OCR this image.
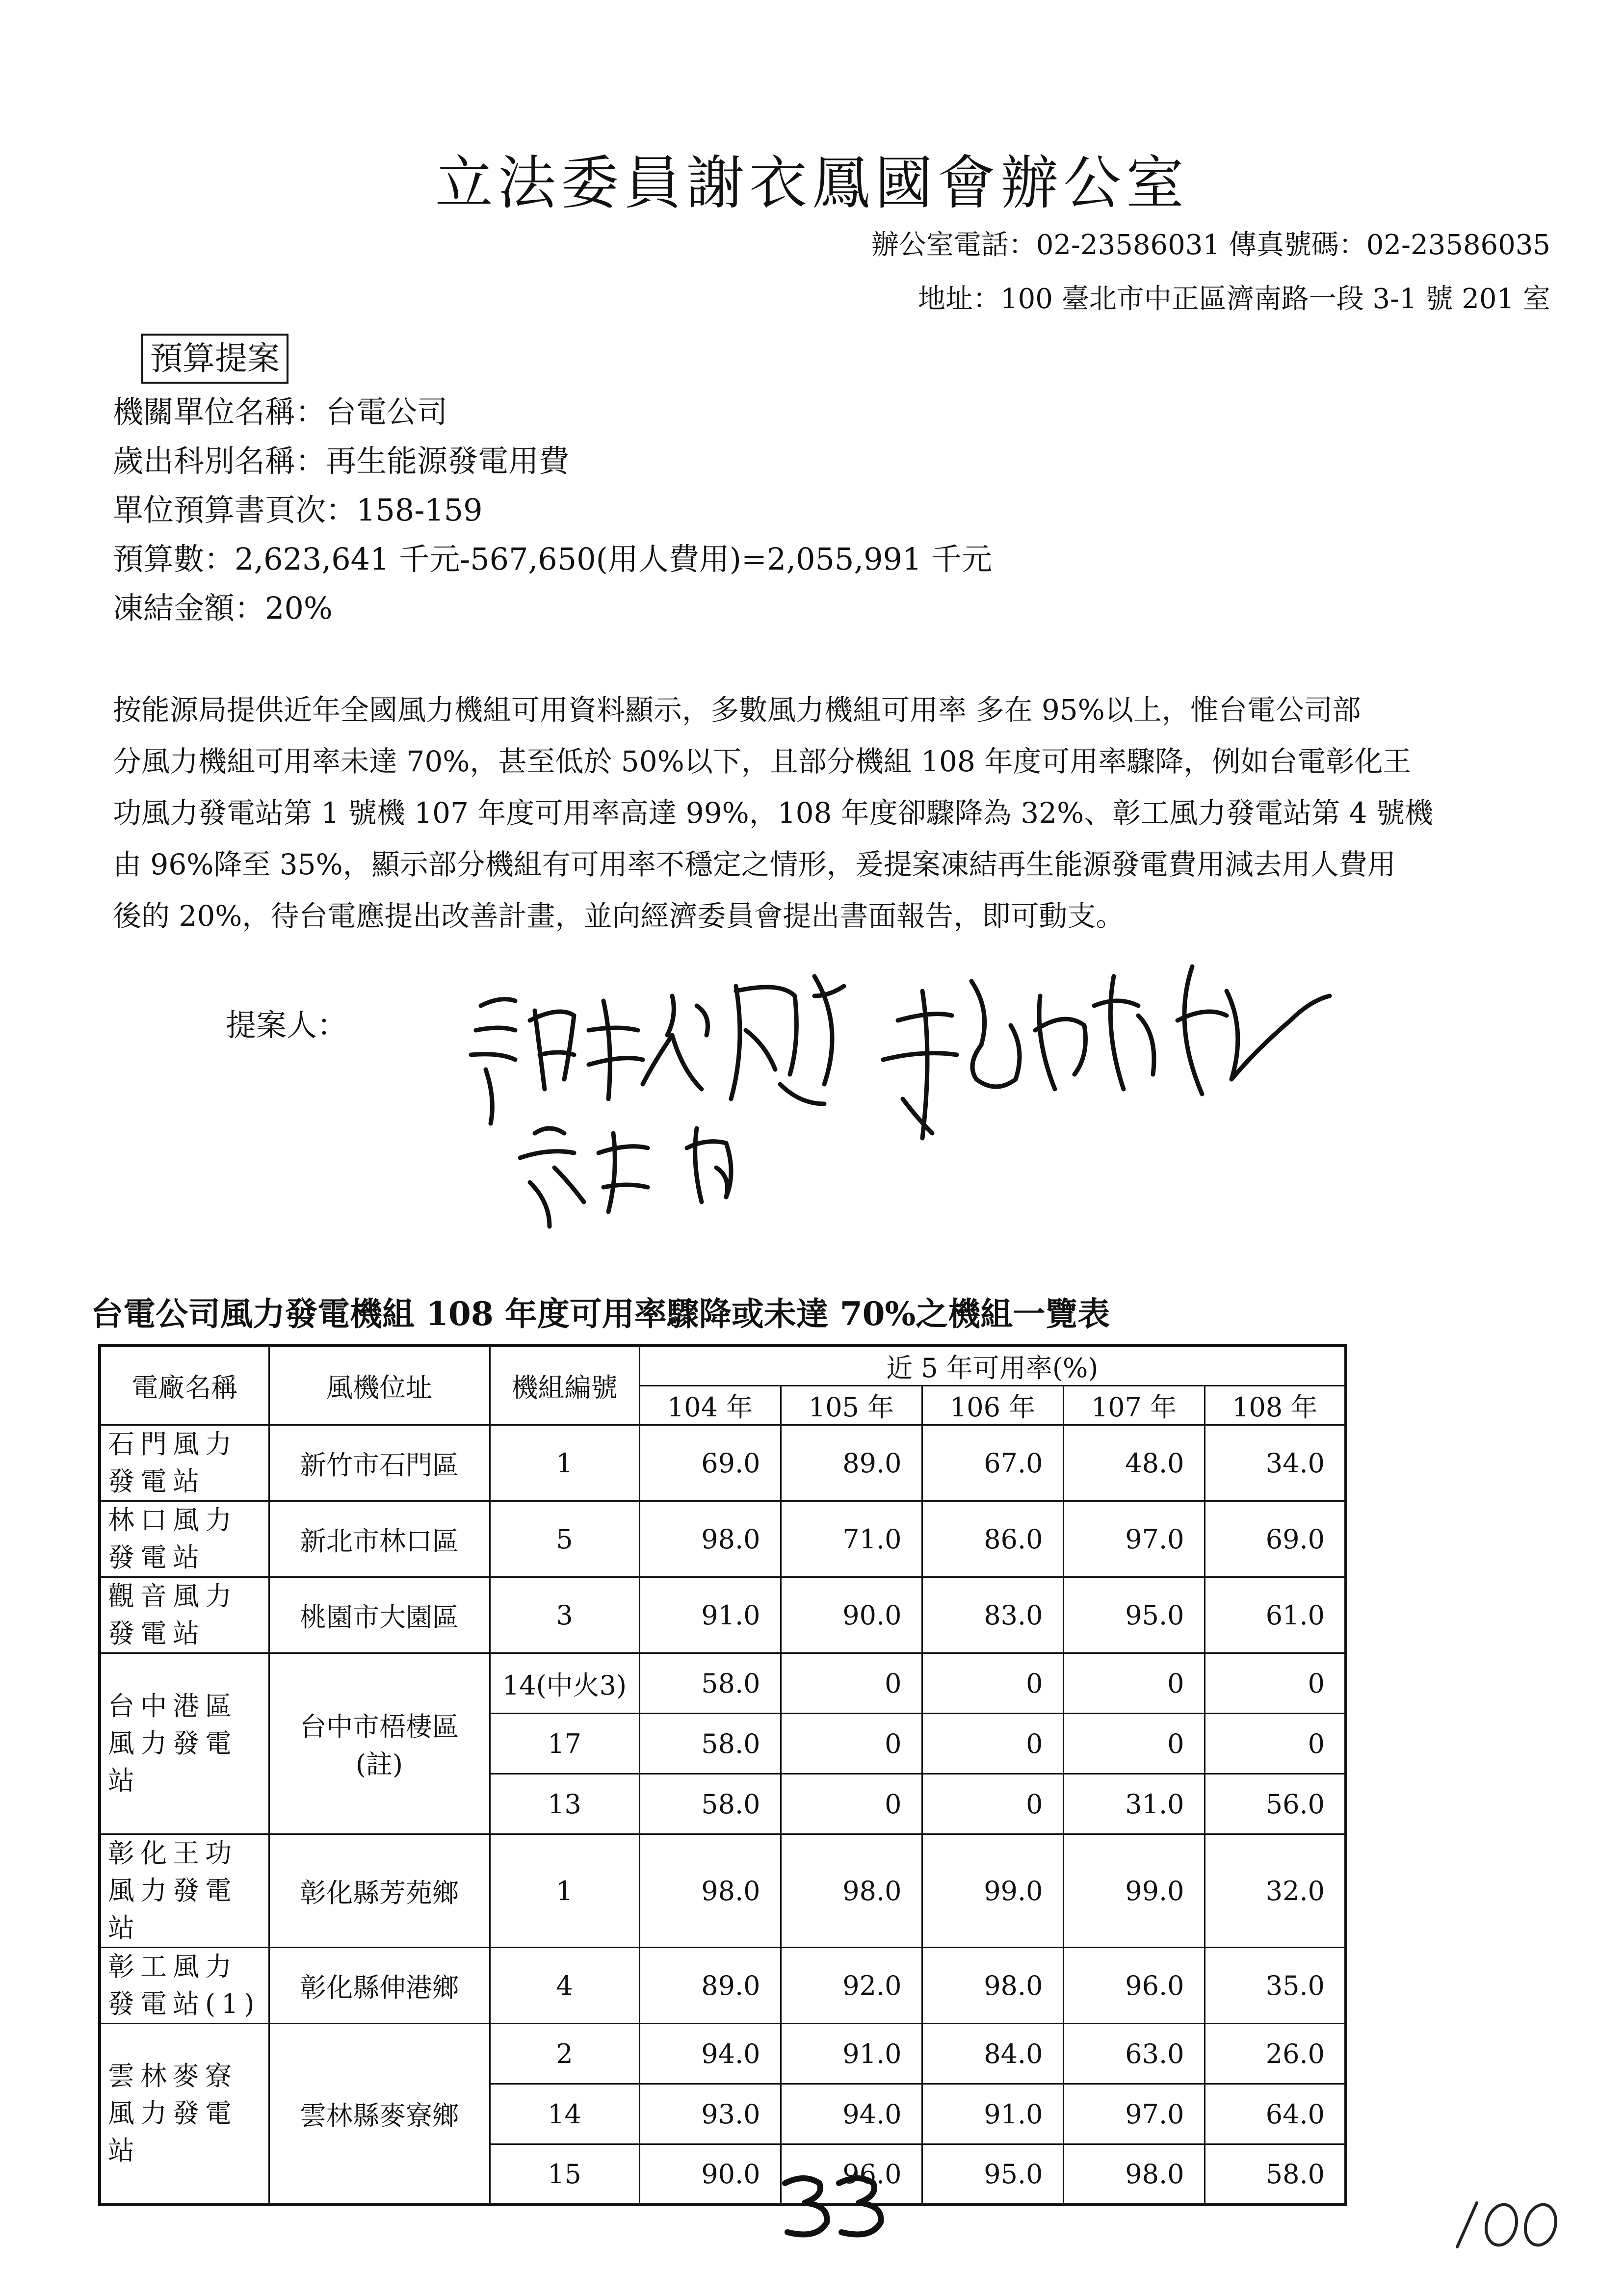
立法委員謝衣鳳國會辦公室
辦公室電話：02-23586031 傳真號碼：02-23586035
地址：100 臺北市中正區濟南路一段 3-1 號 201 室
預算提案
機關單位名稱：台電公司
歲出科別名稱：再生能源發電用費
單位預算書頁次：158-159
預算數：2,623,641 千元-567,650(用人費用)=2,055,991 千元
凍結金額：20%
按能源局提供近年全國風力機組可用資料顯示，多數風力機組可用率 多在 95%以上，惟台電公司部
分風力機組可用率未達 70%，甚至低於 50%以下，且部分機組 108 年度可用率驟降，例如台電彰化王
功風力發電站第 1 號機 107 年度可用率高達 99%，108 年度卻驟降為 32%、彰工風力發電站第 4 號機
由 96%降至 35%，顯示部分機組有可用率不穩定之情形，爰提案凍結再生能源發電費用減去用人費用
後的 20%，待台電應提出改善計畫，並向經濟委員會提出書面報告，即可動支。
提案人：
謝衣鳳 楊瓊瓔 翁重鈞
台電公司風力發電機組 108 年度可用率驟降或未達 70%之機組一覽表
電廠名稱	風機位址	機組編號	近 5 年可用率(%)				
			104 年	105 年	106 年	107 年	108 年
石門風力發電站	新竹市石門區	1	69.0	89.0	67.0	48.0	34.0
林口風力發電站	新北市林口區	5	98.0	71.0	86.0	97.0	69.0
觀音風力發電站	桃園市大園區	3	91.0	90.0	83.0	95.0	61.0
台中港區風力發電站	台中市梧棲區(註)	14(中火3)	58.0	0	0	0	0
		17	58.0	0	0	0	0
		13	58.0	0	0	31.0	56.0
彰化王功風力發電站	彰化縣芳苑鄉	1	98.0	98.0	99.0	99.0	32.0
彰工風力發電站(1)	彰化縣伸港鄉	4	89.0	92.0	98.0	96.0	35.0
雲林麥寮風力發電站	雲林縣麥寮鄉	2	94.0	91.0	84.0	63.0	26.0
		14	93.0	94.0	91.0	97.0	64.0
		15	90.0	96.0	95.0	98.0	58.0
33
100
